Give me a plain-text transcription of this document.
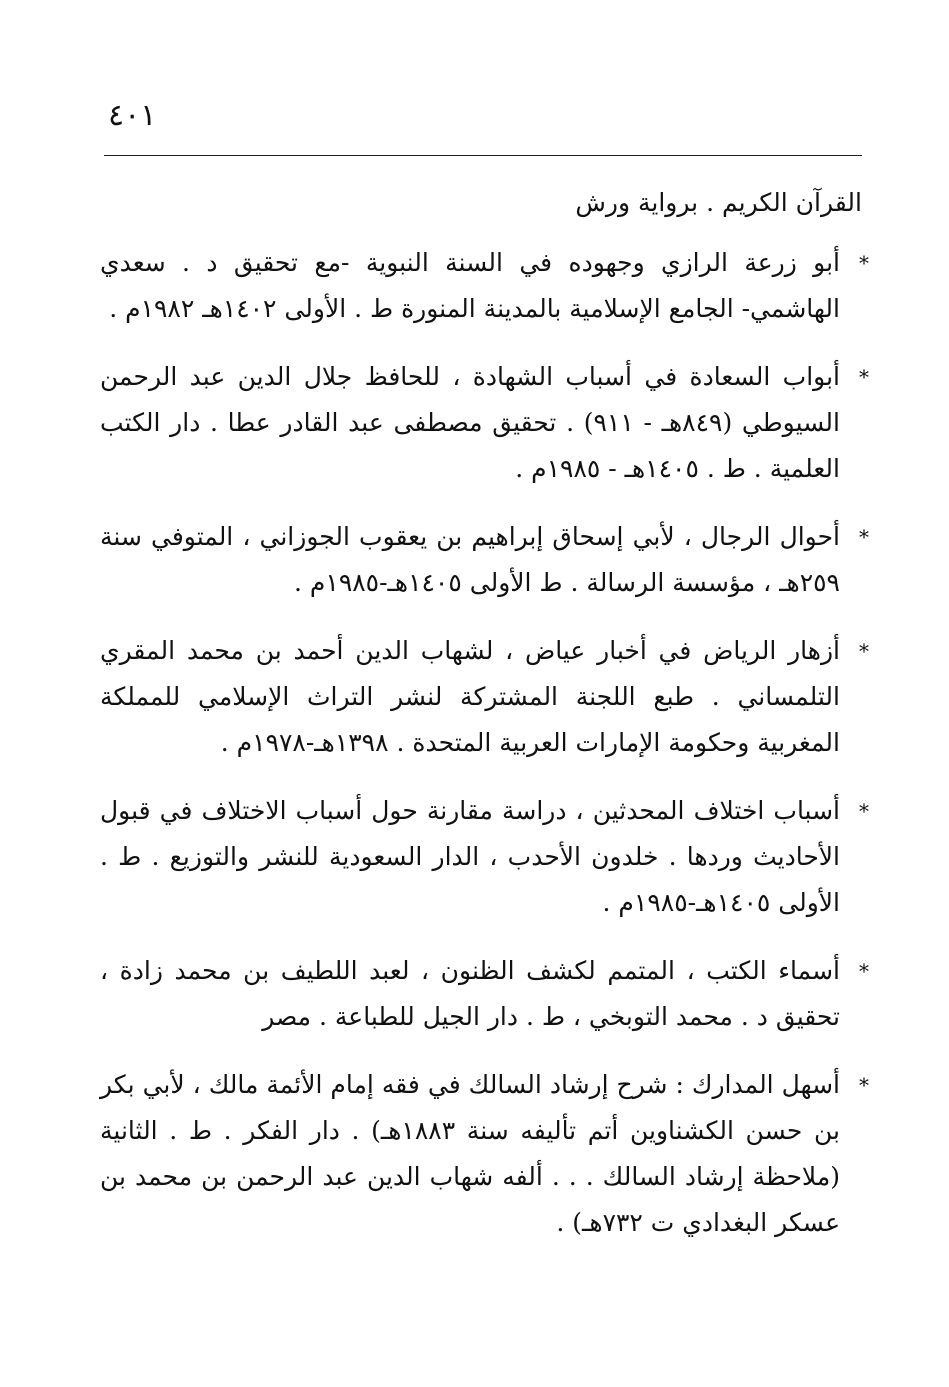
٤٠١

القرآن الكريم . برواية ورش

*
أبو زرعة الرازي وجهوده في السنة النبوية -مع تحقيق د . سعدي الهاشمي- الجامع الإسلامية بالمدينة المنورة ط . الأولى ١٤٠٢هـ ١٩٨٢م .
*
أبواب السعادة في أسباب الشهادة ، للحافظ جلال الدين عبد الرحمن السيوطي (٨٤٩هـ - ٩١١) . تحقيق مصطفى عبد القادر عطا . دار الكتب العلمية . ط . ١٤٠٥هـ - ١٩٨٥م .
*
أحوال الرجال ، لأبي إسحاق إبراهيم بن يعقوب الجوزاني ، المتوفي سنة ٢٥٩هـ ، مؤسسة الرسالة . ط الأولى ١٤٠٥هـ-١٩٨٥م .
*
أزهار الرياض في أخبار عياض ، لشهاب الدين أحمد بن محمد المقري التلمساني . طبع اللجنة المشتركة لنشر التراث الإسلامي للمملكة المغربية وحكومة الإمارات العربية المتحدة . ١٣٩٨هـ-١٩٧٨م .
*
أسباب اختلاف المحدثين ، دراسة مقارنة حول أسباب الاختلاف في قبول الأحاديث وردها . خلدون الأحدب ، الدار السعودية للنشر والتوزيع . ط . الأولى ١٤٠٥هـ-١٩٨٥م .
*
أسماء الكتب ، المتمم لكشف الظنون ، لعبد اللطيف بن محمد زادة ، تحقيق د . محمد التوبخي ، ط . دار الجيل للطباعة . مصر
*
أسهل المدارك : شرح إرشاد السالك في فقه إمام الأئمة مالك ، لأبي بكر بن حسن الكشناوين أتم تأليفه سنة ١٨٨٣هـ) . دار الفكر . ط . الثانية (ملاحظة إرشاد السالك . . . ألفه شهاب الدين عبد الرحمن بن محمد بن عسكر البغدادي ت ٧٣٢هـ) .
